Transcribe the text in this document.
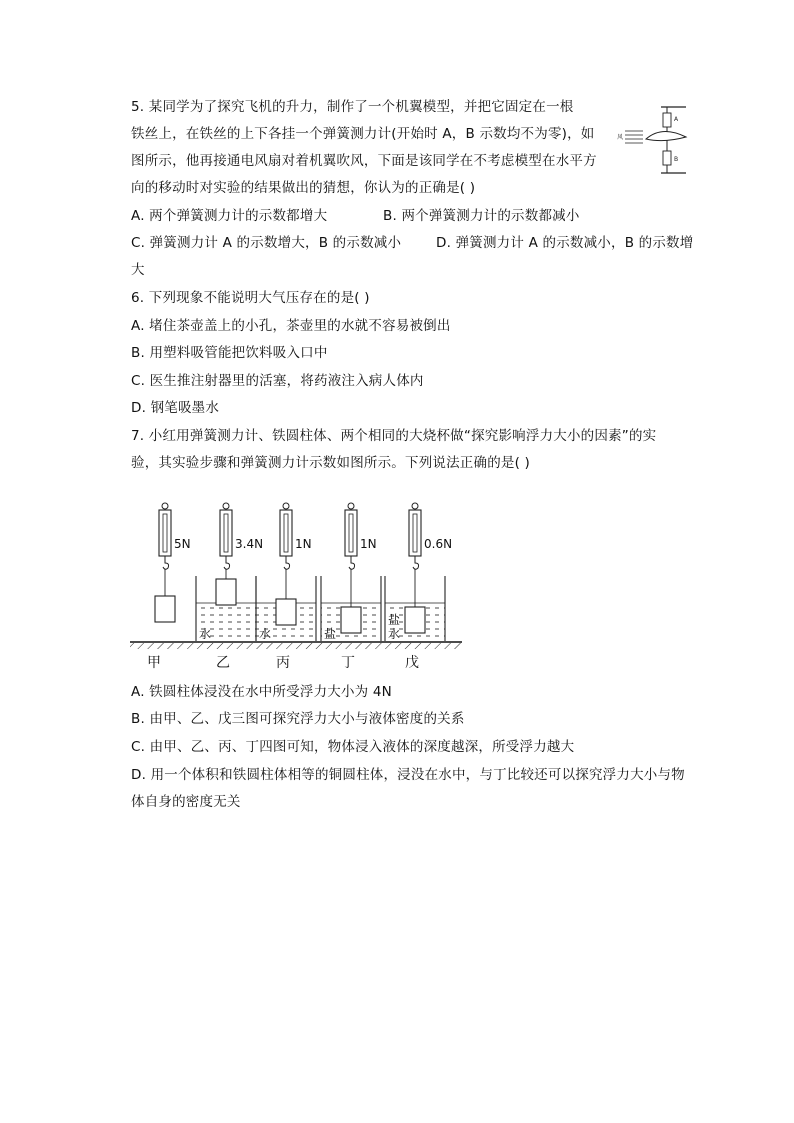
5. 某同学为了探究飞机的升力，制作了一个机翼模型，并把它固定在一根
铁丝上，在铁丝的上下各挂一个弹簧测力计(开始时 A，B 示数均不为零)，如
图所示，他再接通电风扇对着机翼吹风，下面是该同学在不考虑模型在水平方
向的移动时对实验的结果做出的猜想，你认为的正确是( )
A. 两个弹簧测力计的示数都增大	B. 两个弹簧测力计的示数都减小
C. 弹簧测力计 A 的示数增大，B 的示数减小	D. 弹簧测力计 A 的示数减小，B 的示数增
大
A
B
风
6. 下列现象不能说明大气压存在的是( )
A. 堵住茶壶盖上的小孔，茶壶里的水就不容易被倒出
B. 用塑料吸管能把饮料吸入口中
C. 医生推注射器里的活塞，将药液注入病人体内
D. 钢笔吸墨水
7. 小红用弹簧测力计、铁圆柱体、两个相同的大烧杯做“探究影响浮力大小的因素”的实
验，其实验步骤和弹簧测力计示数如图所示。下列说法正确的是( )
5N
甲
3.4N
水
乙
1N
水
丙
1N
盐
丁
0.6N
水
盐
戊
A. 铁圆柱体浸没在水中所受浮力大小为 4N
B. 由甲、乙、戊三图可探究浮力大小与液体密度的关系
C. 由甲、乙、丙、丁四图可知，物体浸入液体的深度越深，所受浮力越大
D. 用一个体积和铁圆柱体相等的铜圆柱体，浸没在水中，与丁比较还可以探究浮力大小与物
体自身的密度无关
